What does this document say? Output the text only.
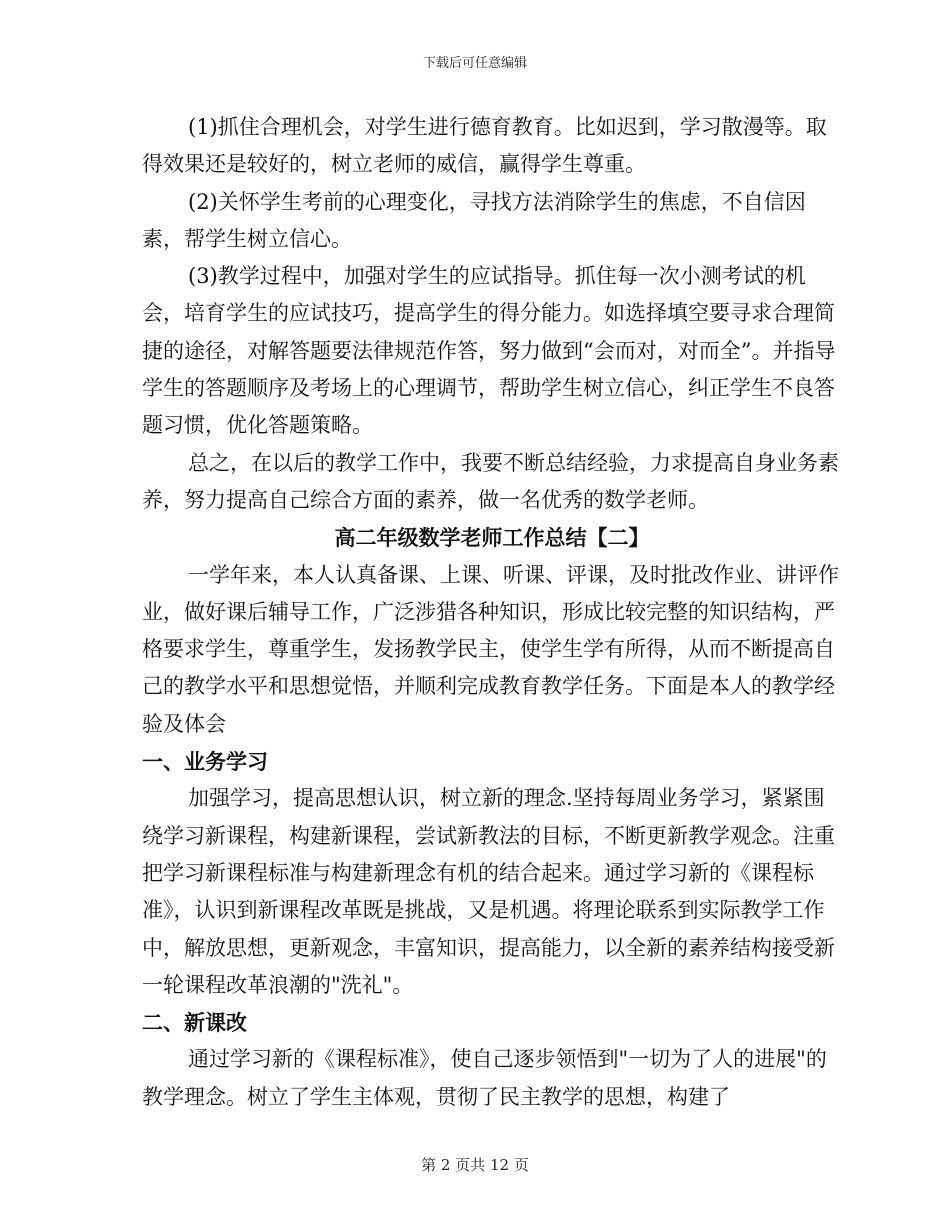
下载后可任意编辑

(1)抓住合理机会，对学生进行德育教育。比如迟到，学习散漫等。取得效果还是较好的，树立老师的威信，赢得学生尊重。

(2)关怀学生考前的心理变化，寻找方法消除学生的焦虑，不自信因素，帮学生树立信心。

(3)教学过程中，加强对学生的应试指导。抓住每一次小测考试的机会，培育学生的应试技巧，提高学生的得分能力。如选择填空要寻求合理简捷的途径，对解答题要法律规范作答，努力做到“会而对，对而全”。并指导学生的答题顺序及考场上的心理调节，帮助学生树立信心，纠正学生不良答题习惯，优化答题策略。

总之，在以后的教学工作中，我要不断总结经验，力求提高自身业务素养，努力提高自己综合方面的素养，做一名优秀的数学老师。

高二年级数学老师工作总结【二】

一学年来，本人认真备课、上课、听课、评课，及时批改作业、讲评作业，做好课后辅导工作，广泛涉猎各种知识，形成比较完整的知识结构，严格要求学生，尊重学生，发扬教学民主，使学生学有所得，从而不断提高自己的教学水平和思想觉悟，并顺利完成教育教学任务。下面是本人的教学经验及体会

一、业务学习

加强学习，提高思想认识，树立新的理念.坚持每周业务学习，紧紧围绕学习新课程，构建新课程，尝试新教法的目标，不断更新教学观念。注重把学习新课程标准与构建新理念有机的结合起来。通过学习新的《课程标准》，认识到新课程改革既是挑战，又是机遇。将理论联系到实际教学工作中，解放思想，更新观念，丰富知识，提高能力，以全新的素养结构接受新一轮课程改革浪潮的"洗礼"。

二、新课改

通过学习新的《课程标准》，使自己逐步领悟到"一切为了人的进展"的教学理念。树立了学生主体观，贯彻了民主教学的思想，构建了

第 2 页共 12 页
